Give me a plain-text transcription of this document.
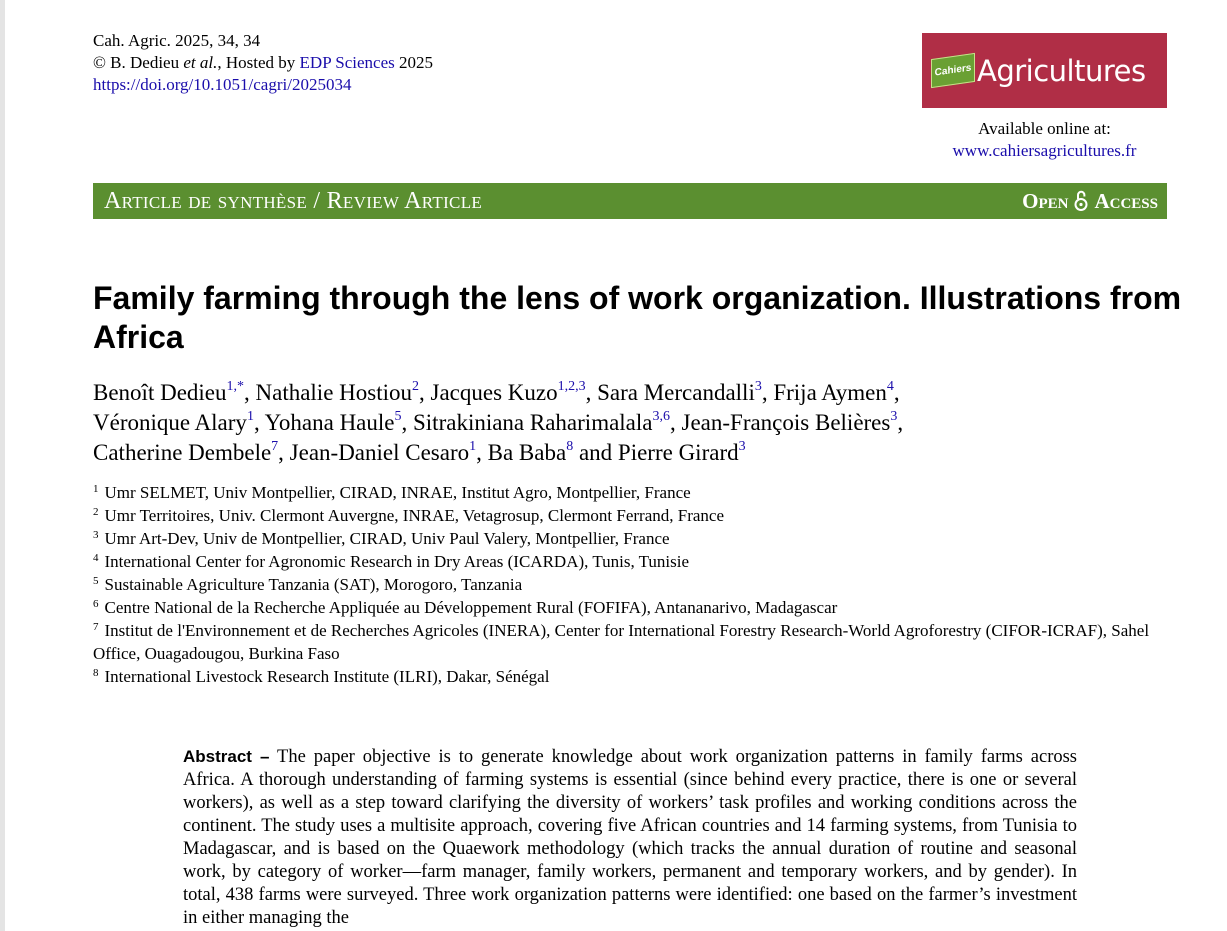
Cah. Agric. 2025, 34, 34
© B. Dedieu et al., Hosted by EDP Sciences 2025
https://doi.org/10.1051/cagri/2025034
Cahiers Agricultures
Available online at:
www.cahiersagricultures.fr
Article de synthèse / Review Article	Open Access
Family farming through the lens of work organization. Illustrations from Africa
Benoît Dedieu$^{1,*}$, Nathalie Hostiou$^2$, Jacques Kuzo$^{1,2,3}$, Sara Mercandalli$^3$, Frija Aymen$^4$,
Véronique Alary$^1$, Yohana Haule$^5$, Sitrakiniana Raharimalala$^{3,6}$, Jean-François Belières$^3$,
Catherine Dembele$^7$, Jean-Daniel Cesaro$^1$, Ba Baba$^8$ and Pierre Girard$^3$
$^1$ Umr SELMET, Univ Montpellier, CIRAD, INRAE, Institut Agro, Montpellier, France
$^2$ Umr Territoires, Univ. Clermont Auvergne, INRAE, Vetagrosup, Clermont Ferrand, France
$^3$ Umr Art-Dev, Univ de Montpellier, CIRAD, Univ Paul Valery, Montpellier, France
$^4$ International Center for Agronomic Research in Dry Areas (ICARDA), Tunis, Tunisie
$^5$ Sustainable Agriculture Tanzania (SAT), Morogoro, Tanzania
$^6$ Centre National de la Recherche Appliquée au Développement Rural (FOFIFA), Antananarivo, Madagascar
$^7$ Institut de l'Environnement et de Recherches Agricoles (INERA), Center for International Forestry Research-World Agroforestry (CIFOR-ICRAF), Sahel Office, Ouagadougou, Burkina Faso
$^8$ International Livestock Research Institute (ILRI), Dakar, Sénégal
Abstract – The paper objective is to generate knowledge about work organization patterns in family farms across Africa. A thorough understanding of farming systems is essential (since behind every practice, there is one or several workers), as well as a step toward clarifying the diversity of workers’ task profiles and working conditions across the continent. The study uses a multisite approach, covering five African countries and 14 farming systems, from Tunisia to Madagascar, and is based on the Quaework methodology (which tracks the annual duration of routine and seasonal work, by category of worker—farm manager, family workers, permanent and temporary workers, and by gender). In total, 438 farms were surveyed. Three work organization patterns were identified: one based on the farmer’s investment in either managing the
